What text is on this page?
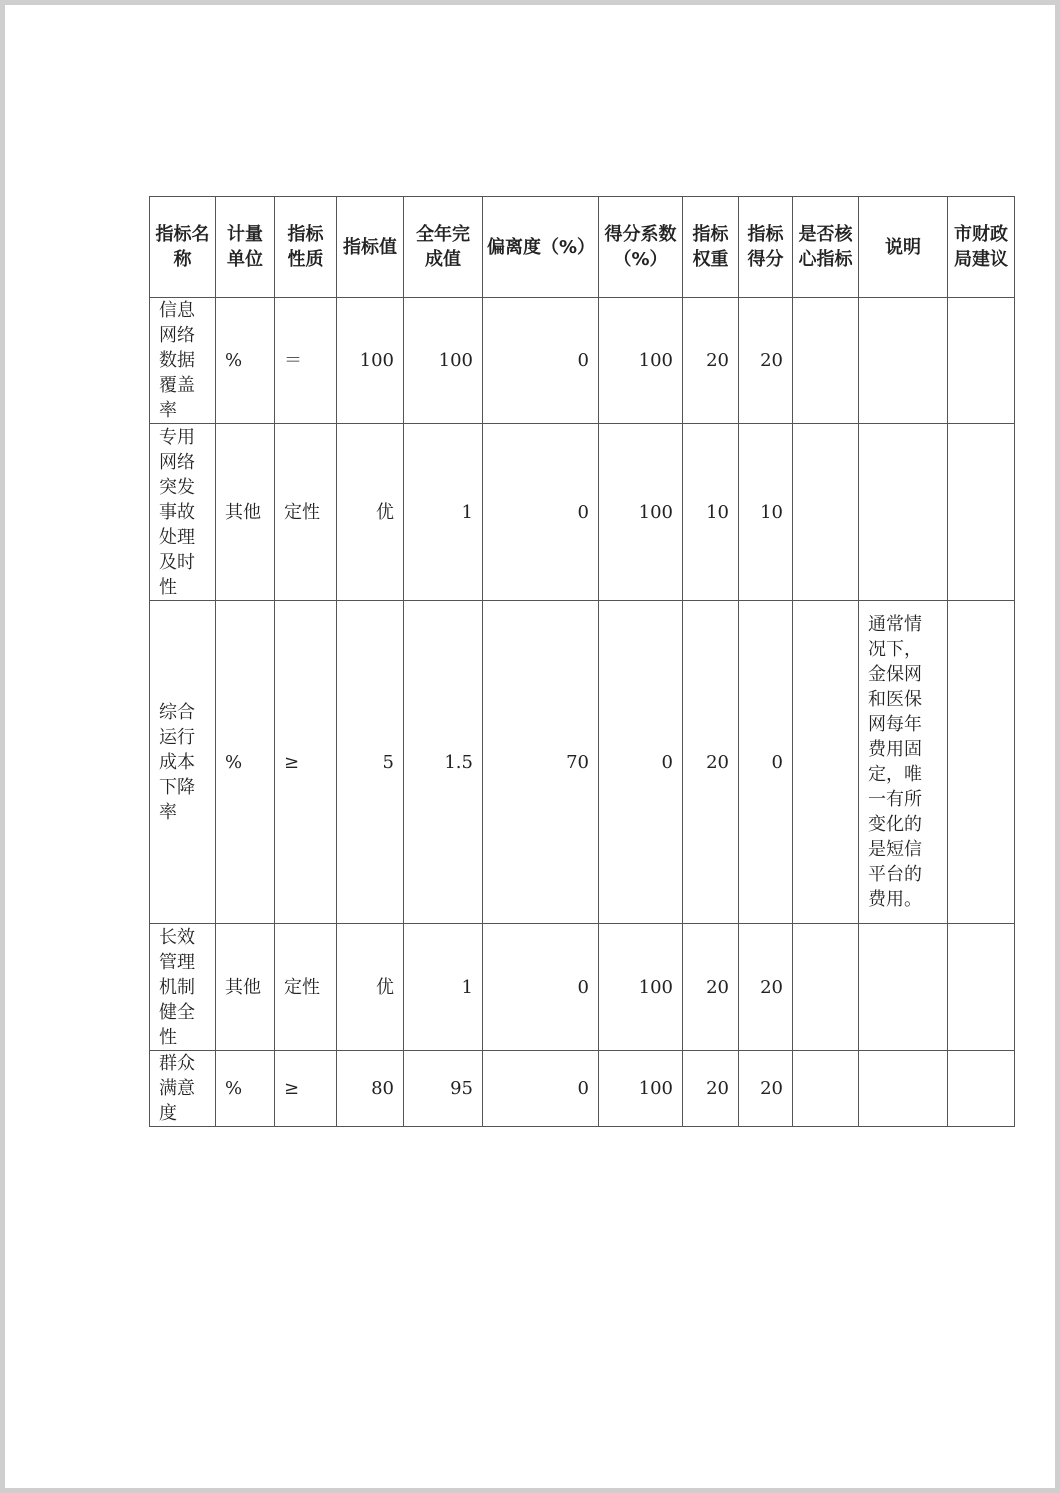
指标名称	计量单位	指标性质	指标值	全年完成值	偏离度（%）	得分系数（%）	指标权重	指标得分	是否核心指标	说明	市财政局建议
信息网络数据覆盖率	%	＝	100	100	0	100	20	20			
专用网络突发事故处理及时性	其他	定性	优	1	0	100	10	10			
综合运行成本下降率	%	≥	5	1.5	70	0	20	0		通常情况下，金保网和医保网每年费用固定，唯一有所变化的是短信平台的费用。	
长效管理机制健全性	其他	定性	优	1	0	100	20	20			
群众满意度	%	≥	80	95	0	100	20	20			
